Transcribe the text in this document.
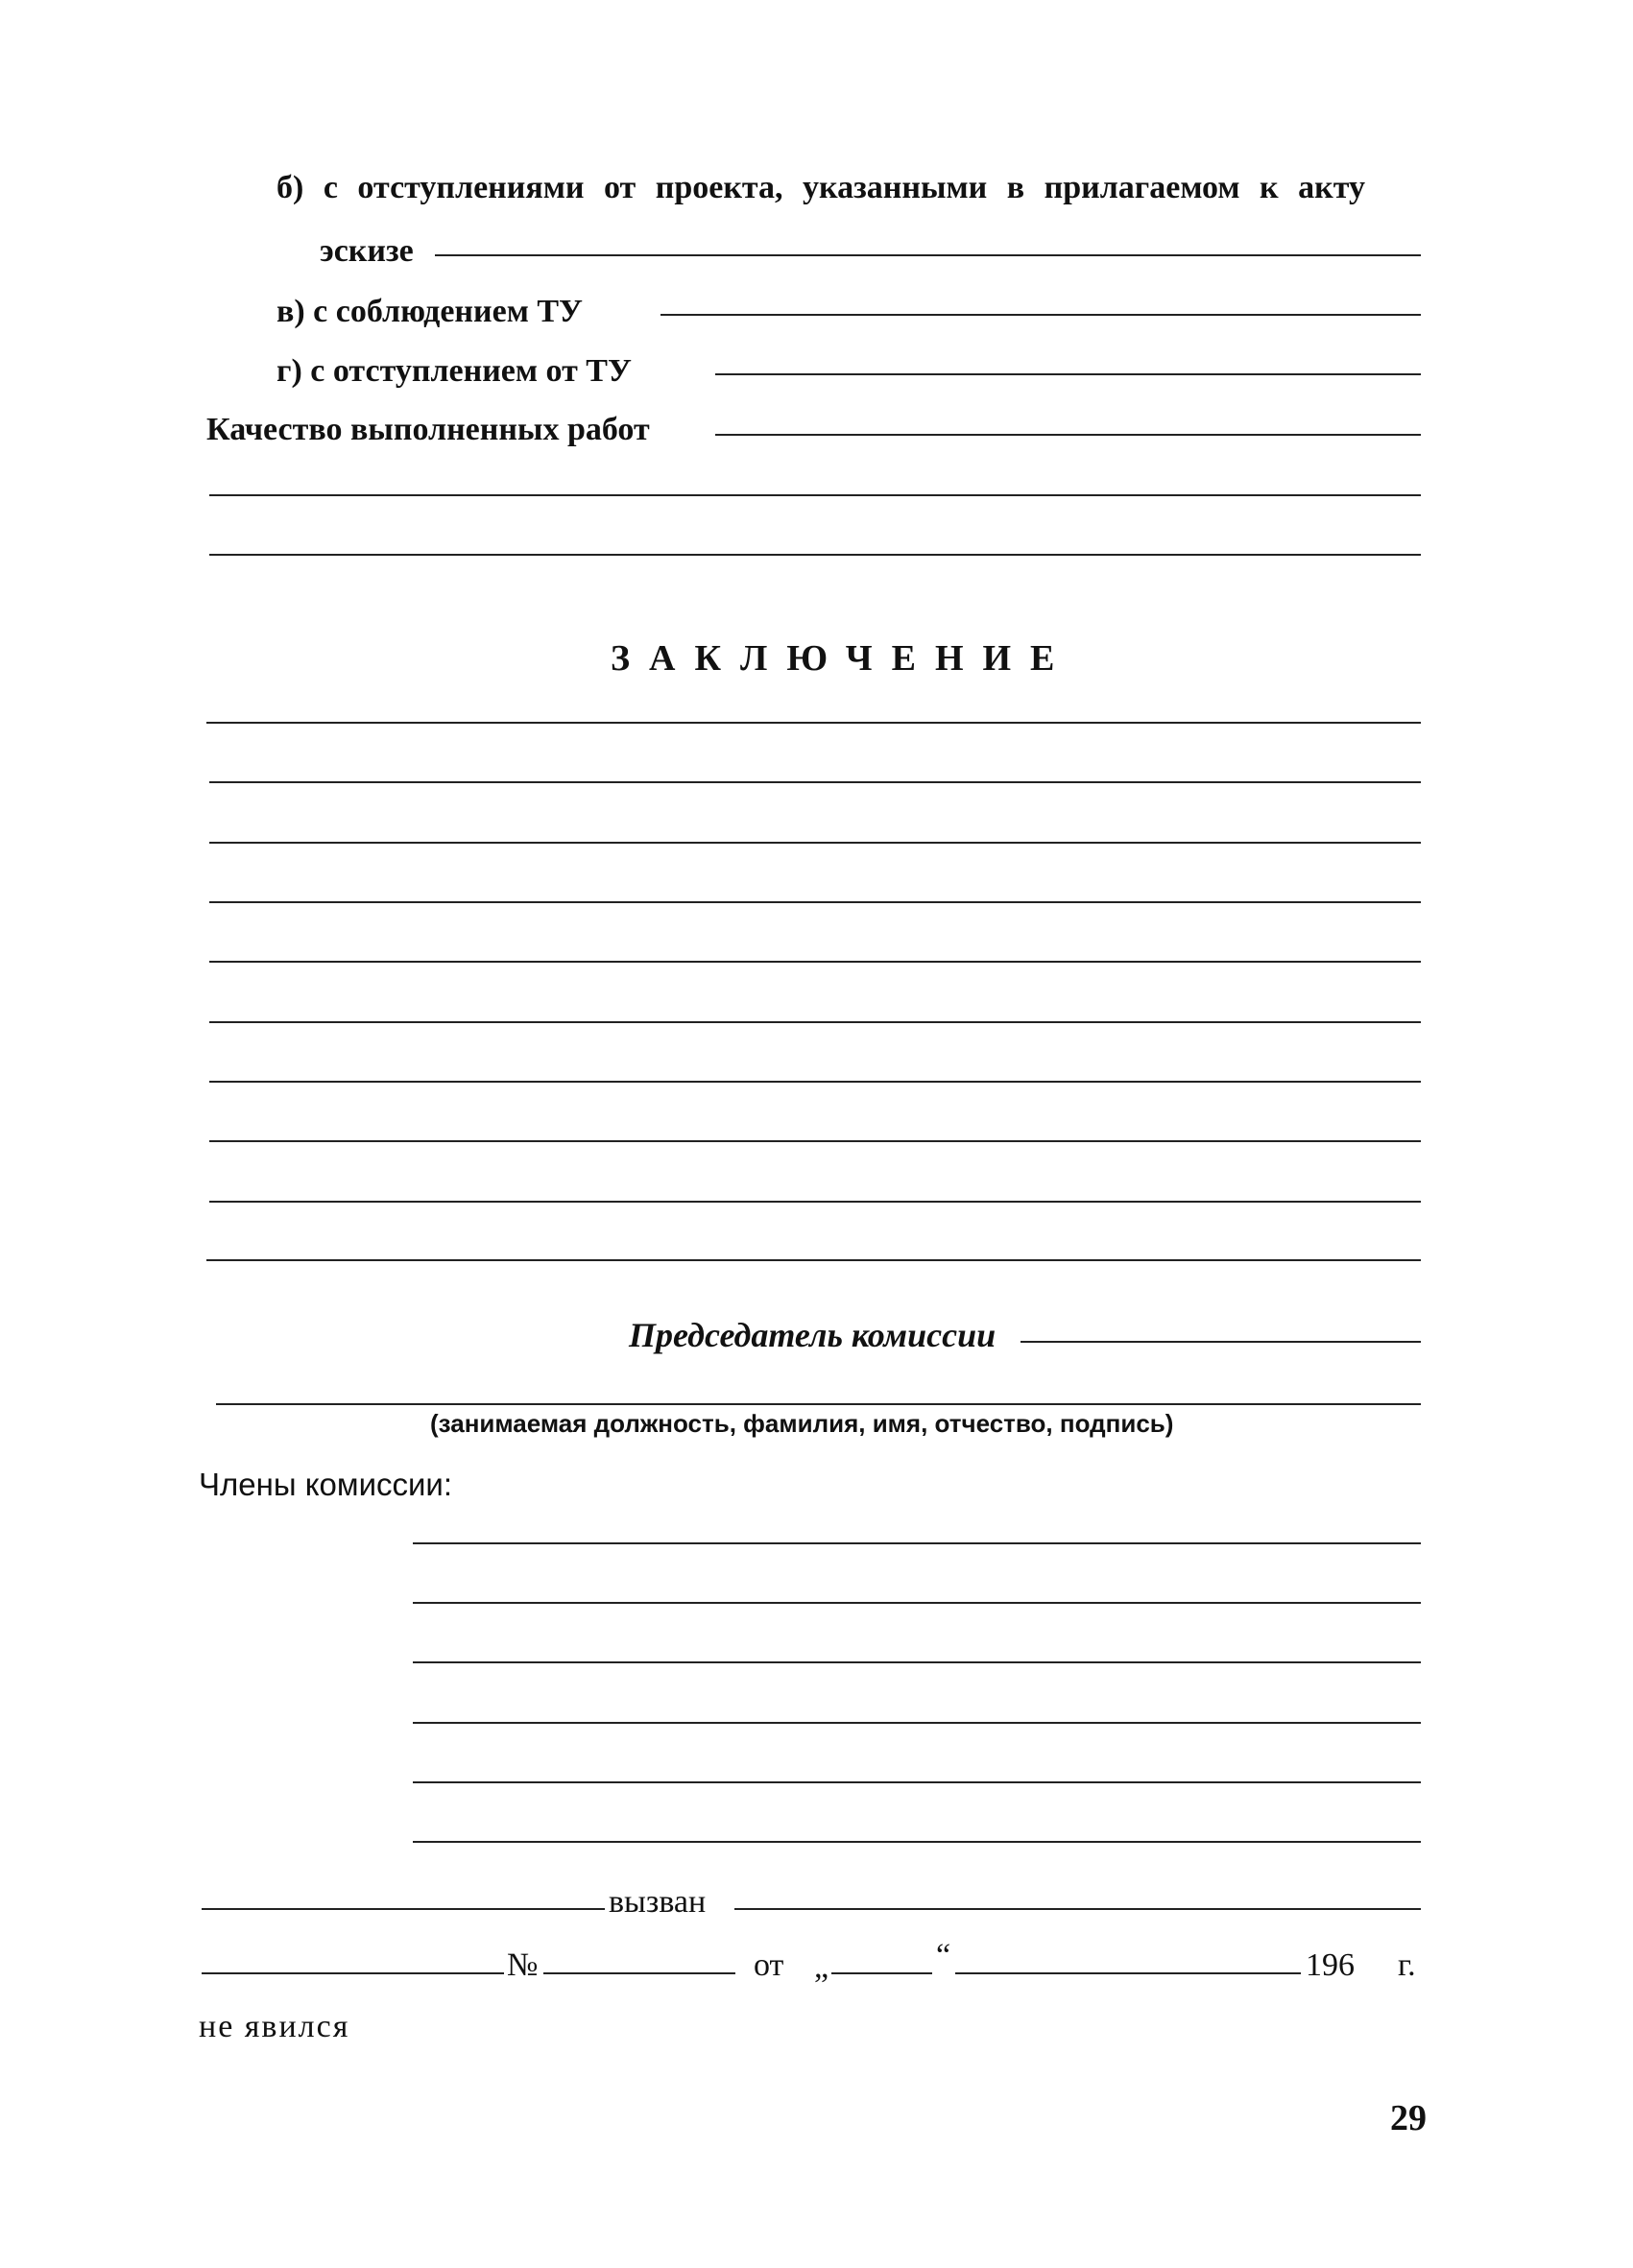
б) с отступлениями от проекта, указанными в прилагаемом к акту
эскизе
в) с соблюдением ТУ
г) с отступлением от ТУ
Качество выполненных работ
ЗАКЛЮЧЕНИЕ
Председатель комиссии
(занимаемая должность, фамилия, имя, отчество, подпись)
Члены комиссии:
вызван
№	от „	“	196 г.
не явился
29
